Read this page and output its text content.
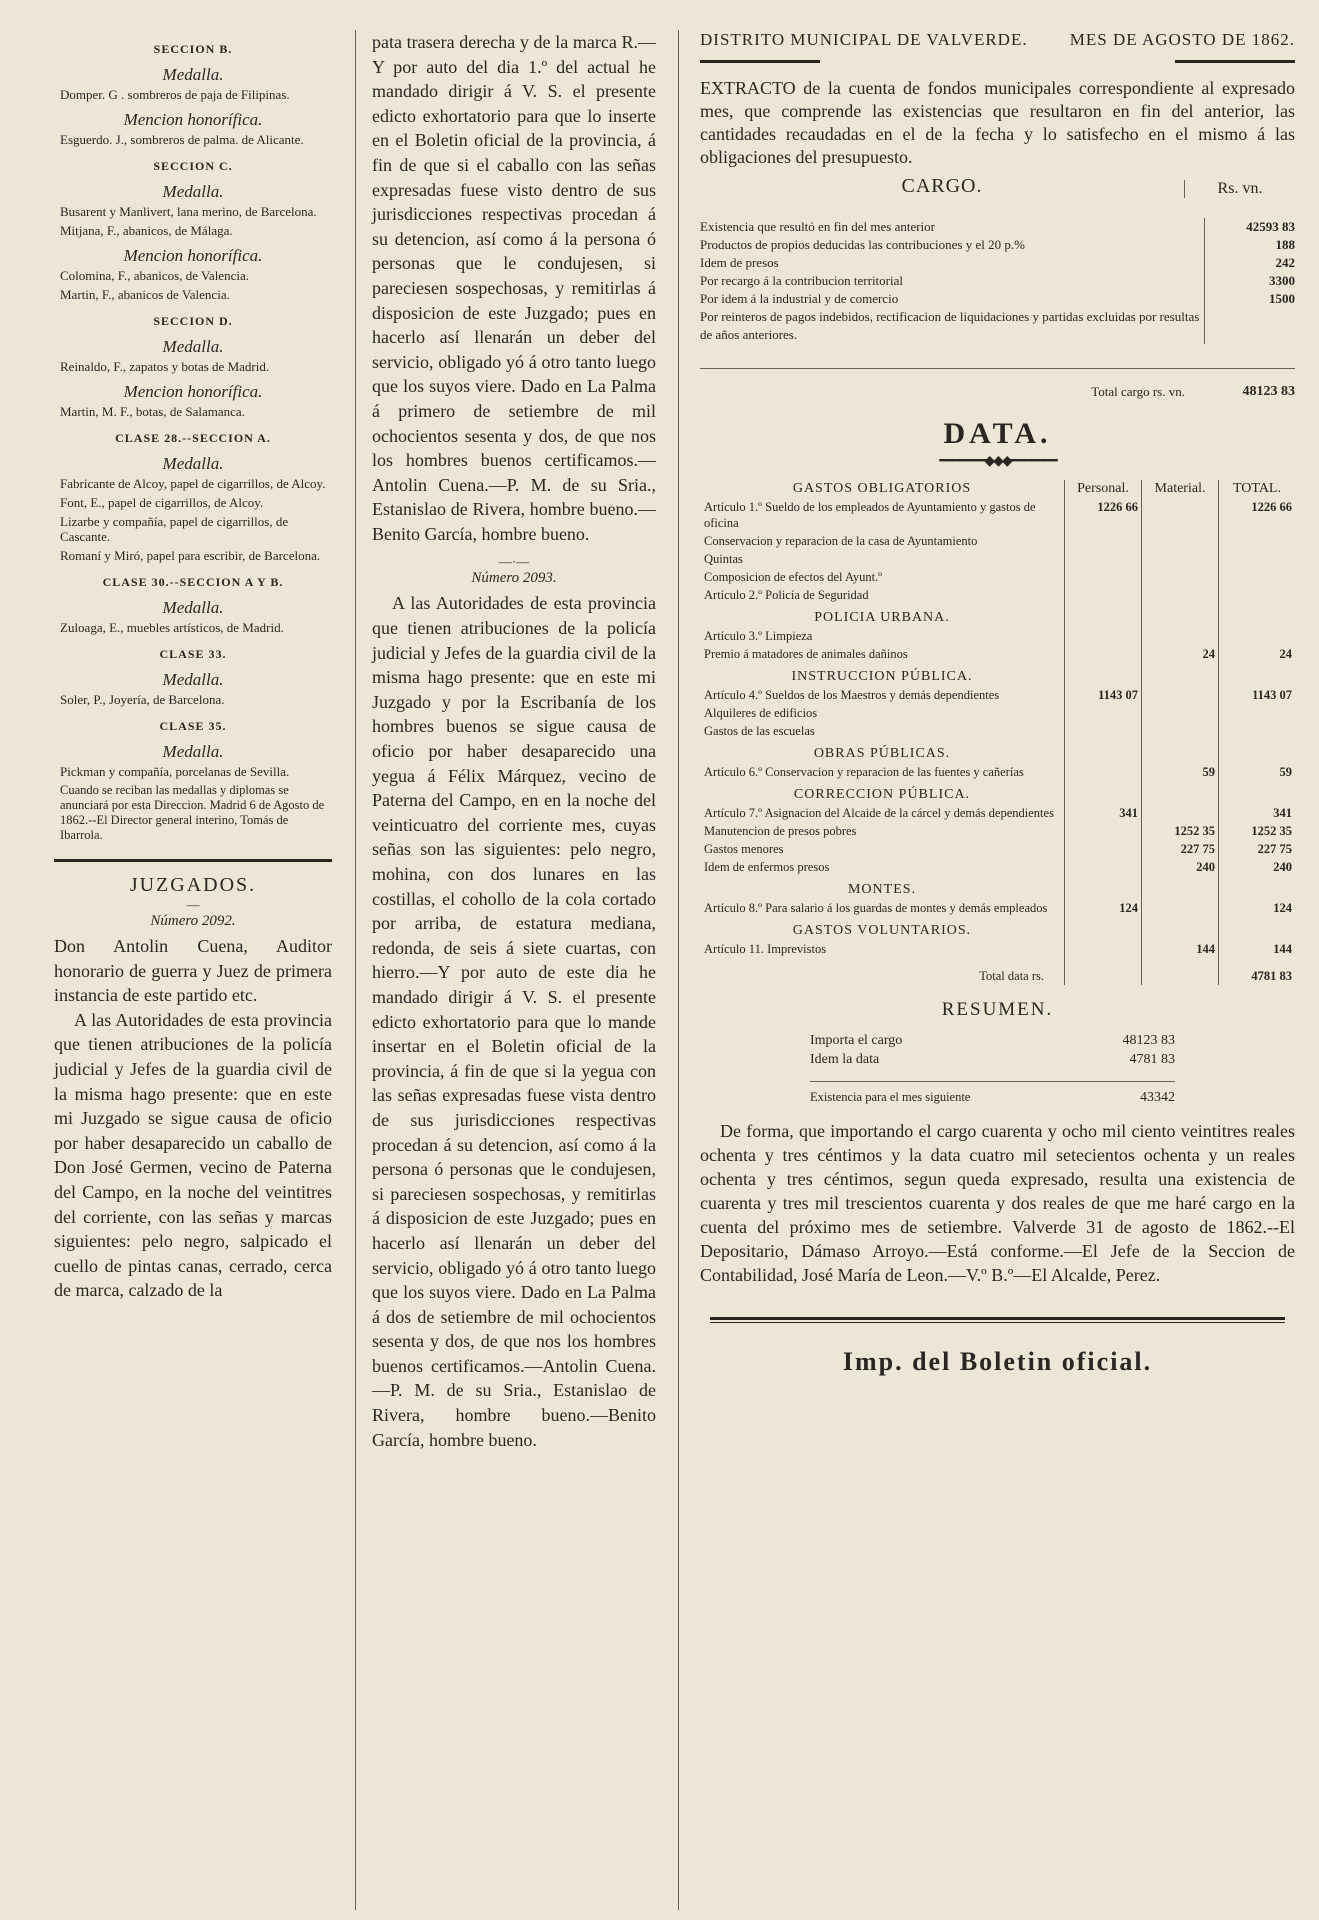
SECCION B.
Medalla.
Domper. G . sombreros de paja de Filipinas.
Mencion honorífica.
Esguerdo. J., sombreros de palma. de Alicante.
SECCION C.
Medalla.
Busarent y Manlivert, lana merino, de Barcelona.
Mitjana, F., abanicos, de Málaga.
Mencion honorífica.
Colomina, F., abanicos, de Valencia.
Martin, F., abanicos de Valencia.
SECCION D.
Medalla.
Reinaldo, F., zapatos y botas de Madrid.
Mencion honorífica.
Martin, M. F., botas, de Salamanca.
CLASE 28.--SECCION A.
Medalla.
Fabricante de Alcoy, papel de cigarrillos, de Alcoy.
Font, E., papel de cigarrillos, de Alcoy.
Lizarbe y compañía, papel de cigarrillos, de Cascante.
Romaní y Miró, papel para escribir, de Barcelona.
CLASE 30.--SECCION A Y B.
Medalla.
Zuloaga, E., muebles artísticos, de Madrid.
CLASE 33.
Medalla.
Soler, P., Joyería, de Barcelona.
CLASE 35.
Medalla.
Pickman y compañía, porcelanas de Sevilla.
Cuando se reciban las medallas y diplomas se anunciará por esta Direccion. Madrid 6 de Agosto de 1862.--El Director general interino, Tomás de Ibarrola.
JUZGADOS.
—
Número 2092.
Don Antolin Cuena, Auditor honorario de guerra y Juez de primera instancia de este partido etc.
A las Autoridades de esta provincia que tienen atribuciones de la policía judicial y Jefes de la guardia civil de la misma hago presente: que en este mi Juzgado se sigue causa de oficio por haber desaparecido un caballo de Don José Germen, vecino de Paterna del Campo, en la noche del veintitres del corriente, con las señas y marcas siguientes: pelo negro, salpicado el cuello de pintas canas, cerrado, cerca de marca, calzado de la
pata trasera derecha y de la marca R.—Y por auto del dia 1.º del actual he mandado dirigir á V. S. el presente edicto exhortatorio para que lo inserte en el Boletin oficial de la provincia, á fin de que si el caballo con las señas expresadas fuese visto dentro de sus jurisdicciones respectivas procedan á su detencion, así como á la persona ó personas que le condujesen, si pareciesen sospechosas, y remitirlas á disposicion de este Juzgado; pues en hacerlo así llenarán un deber del servicio, obligado yó á otro tanto luego que los suyos viere. Dado en La Palma á primero de setiembre de mil ochocientos sesenta y dos, de que nos los hombres buenos certificamos.—Antolin Cuena.—P. M. de su Sria., Estanislao de Rivera, hombre bueno.—Benito García, hombre bueno.
—·—
Número 2093.
A las Autoridades de esta provincia que tienen atribuciones de la policía judicial y Jefes de la guardia civil de la misma hago presente: que en este mi Juzgado y por la Escribanía de los hombres buenos se sigue causa de oficio por haber desaparecido una yegua á Félix Márquez, vecino de Paterna del Campo, en en la noche del veinticuatro del corriente mes, cuyas señas son las siguientes: pelo negro, mohina, con dos lunares en las costillas, el cohollo de la cola cortado por arriba, de estatura mediana, redonda, de seis á siete cuartas, con hierro.—Y por auto de este dia he mandado dirigir á V. S. el presente edicto exhortatorio para que lo mande insertar en el Boletin oficial de la provincia, á fin de que si la yegua con las señas expresadas fuese vista dentro de sus jurisdicciones respectivas procedan á su detencion, así como á la persona ó personas que le condujesen, si pareciesen sospechosas, y remitirlas á disposicion de este Juzgado; pues en hacerlo así llenarán un deber del servicio, obligado yó á otro tanto luego que los suyos viere. Dado en La Palma á dos de setiembre de mil ochocientos sesenta y dos, de que nos los hombres buenos certificamos.—Antolin Cuena.—P. M. de su Sria., Estanislao de Rivera, hombre bueno.—Benito García, hombre bueno.
DISTRITO MUNICIPAL DE VALVERDE. MES DE AGOSTO DE 1862.
EXTRACTO de la cuenta de fondos municipales correspondiente al expresado mes, que comprende las existencias que resultaron en fin del anterior, las cantidades recaudadas en el de la fecha y lo satisfecho en el mismo á las obligaciones del presupuesto.
CARGO.	Rs. vn.
Existencia que resultó en fin del mes anterior	42593 83
Productos de propios deducidas las contribuciones y el 20 p.%	188
Idem de presos	242
Por recargo á la contribucion territorial	3300
Por idem á la industrial y de comercio	1500
Por reinteros de pagos indebidos, rectificacion de liquidaciones y partidas excluidas por resultas de años anteriores.
Total cargo rs. vn.	48123 83
DATA.
━━━━━━━◆◆◆━━━━━━━
GASTOS OBLIGATORIOS	Personal.	Material.	TOTAL.
Artículo 1.º Sueldo de los empleados de Ayuntamiento y gastos de oficina	1226 66		1226 66
Conservacion y reparacion de la casa de Ayuntamiento			
Quintas			
Composicion de efectos del Ayunt.º			
Artículo 2.º Policía de Seguridad			
POLICIA URBANA.			
Artículo 3.º Limpieza			
Premio á matadores de animales dañinos		24	24
INSTRUCCION PÚBLICA.			
Artículo 4.º Sueldos de los Maestros y demás dependientes	1143 07		1143 07
Alquileres de edificios			
Gastos de las escuelas			
OBRAS PÚBLICAS.			
Artículo 6.º Conservacion y reparacion de las fuentes y cañerías		59	59
CORRECCION PÚBLICA.			
Artículo 7.º Asignacion del Alcaide de la cárcel y demás dependientes	341		341
Manutencion de presos pobres		1252 35	1252 35
Gastos menores		227 75	227 75
Idem de enfermos presos		240	240
MONTES.			
Artículo 8.º Para salario á los guardas de montes y demás empleados	124		124
GASTOS VOLUNTARIOS.			
Artículo 11. Imprevistos		144	144
Total data rs.			4781 83
RESUMEN.
Importa el cargo	48123 83
Idem la data	4781 83
Existencia para el mes siguiente	43342
De forma, que importando el cargo cuarenta y ocho mil ciento veintitres reales ochenta y tres céntimos y la data cuatro mil setecientos ochenta y un reales ochenta y tres céntimos, segun queda expresado, resulta una existencia de cuarenta y tres mil trescientos cuarenta y dos reales de que me haré cargo en la cuenta del próximo mes de setiembre. Valverde 31 de agosto de 1862.--El Depositario, Dámaso Arroyo.—Está conforme.—El Jefe de la Seccion de Contabilidad, José María de Leon.—V.º B.º—El Alcalde, Perez.
Imp. del Boletin oficial.
